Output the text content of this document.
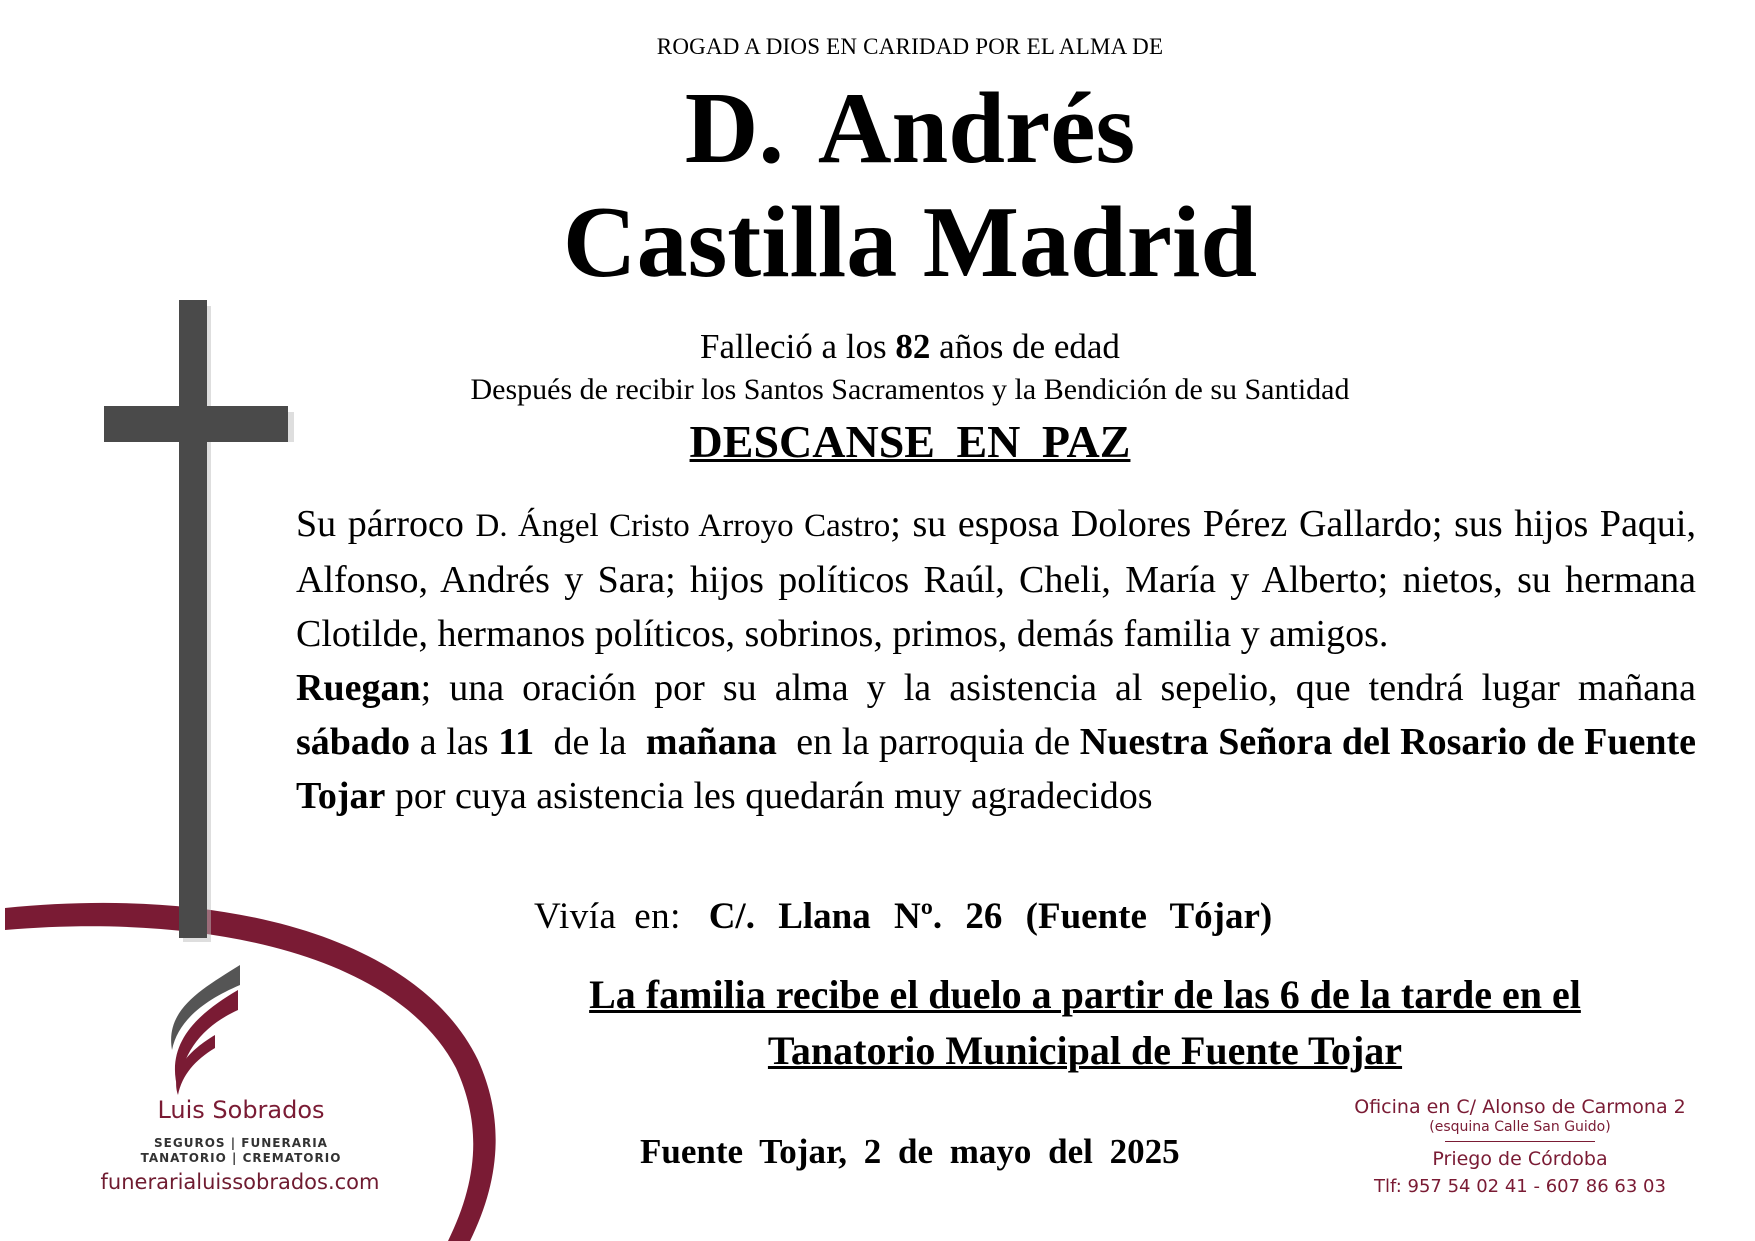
ROGAD A DIOS EN CARIDAD POR EL ALMA DE
D. Andrés
Castilla Madrid
Falleció a los 82 años de edad
Después de recibir los Santos Sacramentos y la Bendición de su Santidad
DESCANSE EN PAZ
Su párroco D. Ángel Cristo Arroyo Castro; su esposa Dolores Pérez Gallardo; sus hijos Paqui, Alfonso, Andrés y Sara; hijos políticos Raúl, Cheli, María y Alberto; nietos, su hermana Clotilde, hermanos políticos, sobrinos, primos, demás familia y amigos.
Ruegan; una oración por su alma y la asistencia al sepelio, que tendrá lugar mañana sábado a las 11 de la mañana en la parroquia de Nuestra Señora del Rosario de Fuente Tojar por cuya asistencia les quedarán muy agradecidos
Vivía en: C/. Llana Nº. 26 (Fuente Tójar)
La familia recibe el duelo a partir de las 6 de la tarde en el
Tanatorio Municipal de Fuente Tojar
Fuente Tojar, 2 de mayo del 2025
Luis Sobrados
SEGUROS | FUNERARIA
TANATORIO | CREMATORIO
funerarialuissobrados.com
Oficina en C/ Alonso de Carmona 2
(esquina Calle San Guido)
Priego de Córdoba
Tlf: 957 54 02 41 - 607 86 63 03
